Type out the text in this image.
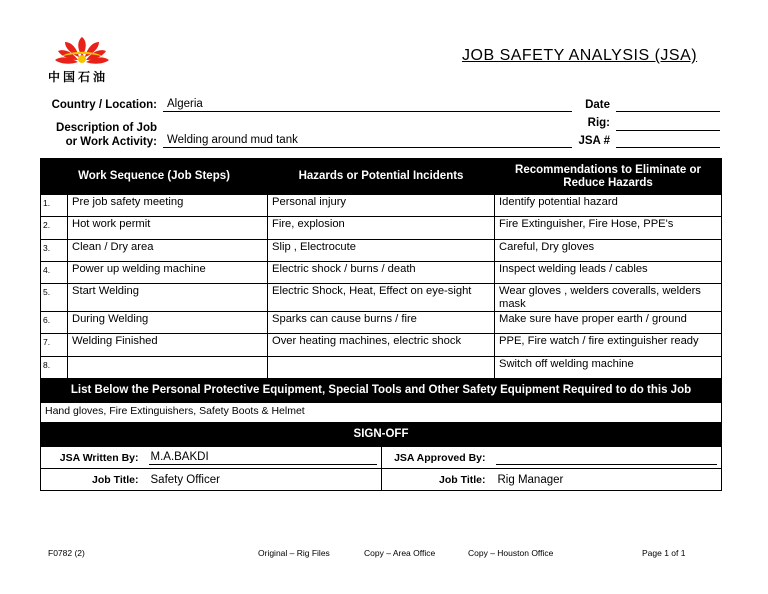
中国石油
JOB SAFETY ANALYSIS (JSA)
Country / Location: Algeria	Date
Description of Job
or Work Activity: Welding around mud tank
Rig:
JSA #
Work Sequence (Job Steps)		Hazards or Potential Incidents	Recommendations to Eliminate or Reduce Hazards
1.	Pre job safety meeting	Personal injury	Identify potential hazard
2.	Hot work permit	Fire, explosion	Fire Extinguisher, Fire Hose, PPE's
3.	Clean / Dry area	Slip , Electrocute	Careful, Dry gloves
4.	Power up welding machine	Electric shock / burns / death	Inspect welding leads / cables
5.	Start Welding	Electric Shock, Heat, Effect on eye-sight	Wear gloves , welders coveralls, welders mask
6.	During Welding	Sparks can cause burns / fire	Make sure have proper earth / ground
7.	Welding Finished	Over heating machines, electric shock	PPE, Fire watch / fire extinguisher ready
8.			Switch off welding machine
List Below the Personal Protective Equipment, Special Tools and Other Safety Equipment Required to do this Job			
Hand gloves, Fire Extinguishers, Safety Boots & Helmet			
SIGN-OFF			
JSA Written By:	M.A.BAKDI	JSA Approved By:	

Job Title:	Safety Officer	Job Title:	Rig Manager
F0782 (2)	Original – Rig Files	Copy – Area Office	Copy – Houston Office	Page 1 of 1
